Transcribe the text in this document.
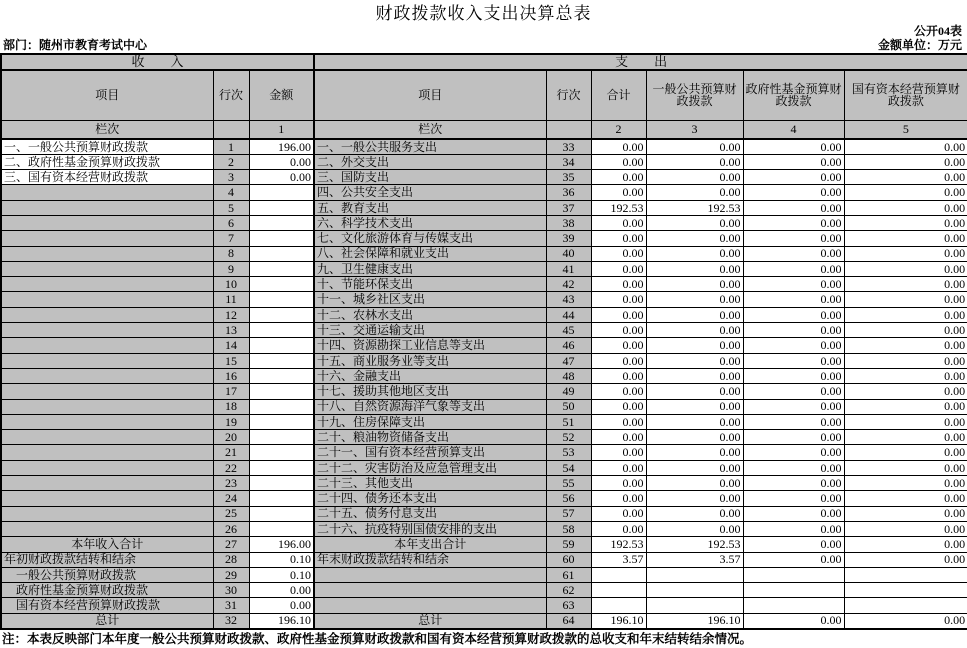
财政拨款收入支出决算总表
公开04表
部门：随州市教育考试中心	金额单位：万元
收　　入			支　　出					
项目	行次	金额	项目	行次	合计	一般公共预算财政拨款	政府性基金预算财政拨款	国有资本经营预算财政拨款
栏次		1	栏次		2	3	4	5
一、一般公共预算财政拨款	1	196.00	一、一般公共服务支出	33	0.00	0.00	0.00	0.00
二、政府性基金预算财政拨款	2	0.00	二、外交支出	34	0.00	0.00	0.00	0.00
三、国有资本经营财政拨款	3	0.00	三、国防支出	35	0.00	0.00	0.00	0.00
	4		四、公共安全支出	36	0.00	0.00	0.00	0.00
	5		五、教育支出	37	192.53	192.53	0.00	0.00
	6		六、科学技术支出	38	0.00	0.00	0.00	0.00
	7		七、文化旅游体育与传媒支出	39	0.00	0.00	0.00	0.00
	8		八、社会保障和就业支出	40	0.00	0.00	0.00	0.00
	9		九、卫生健康支出	41	0.00	0.00	0.00	0.00
	10		十、节能环保支出	42	0.00	0.00	0.00	0.00
	11		十一、城乡社区支出	43	0.00	0.00	0.00	0.00
	12		十二、农林水支出	44	0.00	0.00	0.00	0.00
	13		十三、交通运输支出	45	0.00	0.00	0.00	0.00
	14		十四、资源勘探工业信息等支出	46	0.00	0.00	0.00	0.00
	15		十五、商业服务业等支出	47	0.00	0.00	0.00	0.00
	16		十六、金融支出	48	0.00	0.00	0.00	0.00
	17		十七、援助其他地区支出	49	0.00	0.00	0.00	0.00
	18		十八、自然资源海洋气象等支出	50	0.00	0.00	0.00	0.00
	19		十九、住房保障支出	51	0.00	0.00	0.00	0.00
	20		二十、粮油物资储备支出	52	0.00	0.00	0.00	0.00
	21		二十一、国有资本经营预算支出	53	0.00	0.00	0.00	0.00
	22		二十二、灾害防治及应急管理支出	54	0.00	0.00	0.00	0.00
	23		二十三、其他支出	55	0.00	0.00	0.00	0.00
	24		二十四、债务还本支出	56	0.00	0.00	0.00	0.00
	25		二十五、债务付息支出	57	0.00	0.00	0.00	0.00
	26		二十六、抗疫特别国债安排的支出	58	0.00	0.00	0.00	0.00
本年收入合计	27	196.00	本年支出合计	59	192.53	192.53	0.00	0.00
年初财政拨款结转和结余	28	0.10	年末财政拨款结转和结余	60	3.57	3.57	0.00	0.00
一般公共预算财政拨款	29	0.10		61				
政府性基金预算财政拨款	30	0.00		62				
国有资本经营预算财政拨款	31	0.00		63				
总计	32	196.10	总计	64	196.10	196.10	0.00	0.00
注：本表反映部门本年度一般公共预算财政拨款、政府性基金预算财政拨款和国有资本经营预算财政拨款的总收支和年末结转结余情况。
